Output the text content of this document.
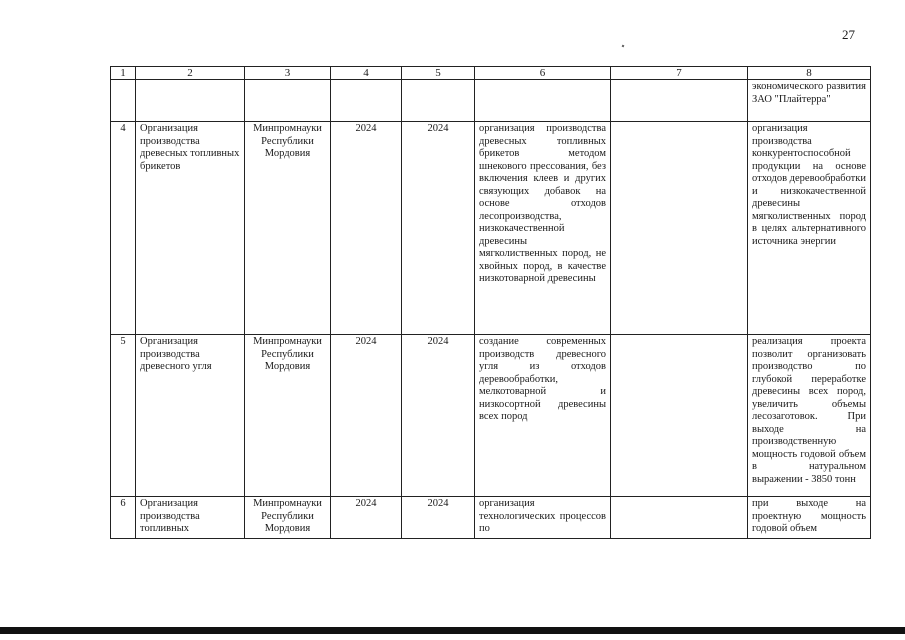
27
1	2	3	4	5	6	7	8
							экономического развития ЗАО "Плайтерра"
4	Организация производства древесных топливных брикетов	Минпромнауки Республики Мордовия	2024	2024	организация производства древесных топливных брикетов методом шнекового прессования, без включения клеев и других связующих добавок на основе отходов лесопроизводства, низкокачественной древесины мягколиственных пород, не хвойных пород, в качестве низкотоварной древесины		организация производства конкурентоспособной продукции на основе отходов деревообработки и низкокачественной древесины мягколиственных пород в целях альтернативного источника энергии
5	Организация производства древесного угля	Минпромнауки Республики Мордовия	2024	2024	создание современных производств древесного угля из отходов деревообработки, мелкотоварной и низкосортной древесины всех пород		реализация проекта позволит организовать производство по глубокой переработке древесины всех пород, увеличить объемы лесозаготовок. При выходе на производственную мощность годовой объем в натуральном выражении - 3850 тонн
6	Организация производства топливных	Минпромнауки Республики Мордовия	2024	2024	организация технологических процессов по		при выходе на проектную мощность годовой объем
